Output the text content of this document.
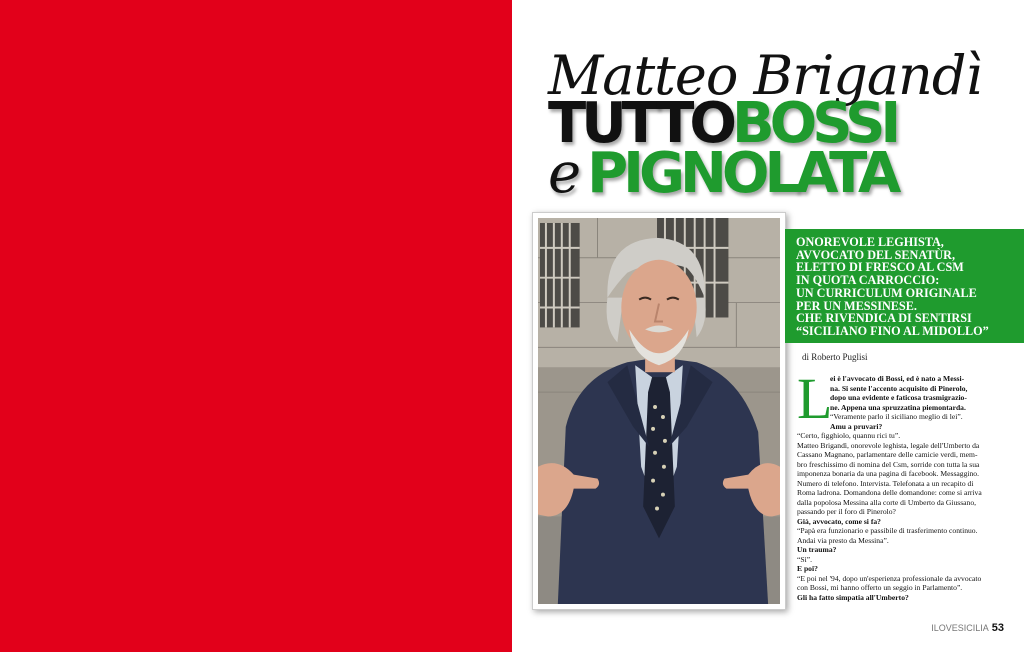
Matteo Brigandì
TUTTOBOSSI
e PIGNOLATA
ONOREVOLE LEGHISTA,
AVVOCATO DEL SENATÙR,
ELETTO DI FRESCO AL CSM
IN QUOTA CARROCCIO:
UN CURRICULUM ORIGINALE
PER UN MESSINESE.
CHE RIVENDICA DI SENTIRSI
“SICILIANO FINO AL MIDOLLO”
di Roberto Puglisi
L
ei è l'avvocato di Bossi, ed è nato a Messi-
na. Si sente l'accento acquisito di Pinerolo,
dopo una evidente e faticosa trasmigrazio-
ne. Appena una spruzzatina piemontarda.
“Veramente parlo il siciliano meglio di lei”.
Amu a pruvari?
“Certo, figghiolo, quannu rici tu”.
Matteo Brigandì, onorevole leghista, legale dell'Umberto da
Cassano Magnano, parlamentare delle camicie verdi, mem-
bro freschissimo di nomina del Csm, sorride con tutta la sua
imponenza bonaria da una pagina di facebook. Messaggino.
Numero di telefono. Intervista. Telefonata a un recapito di
Roma ladrona. Domandona delle domandone: come si arriva
dalla popolosa Messina alla corte di Umberto da Giussano,
passando per il foro di Pinerolo?
Già, avvocato, come si fa?
“Papà era funzionario e passibile di trasferimento continuo.
Andai via presto da Messina”.
Un trauma?
“Sì”.
E poi?
“E poi nel '94, dopo un'esperienza professionale da avvocato
con Bossi, mi hanno offerto un seggio in Parlamento”.
Gli ha fatto simpatia all'Umberto?
ILOVESICILIA 53
